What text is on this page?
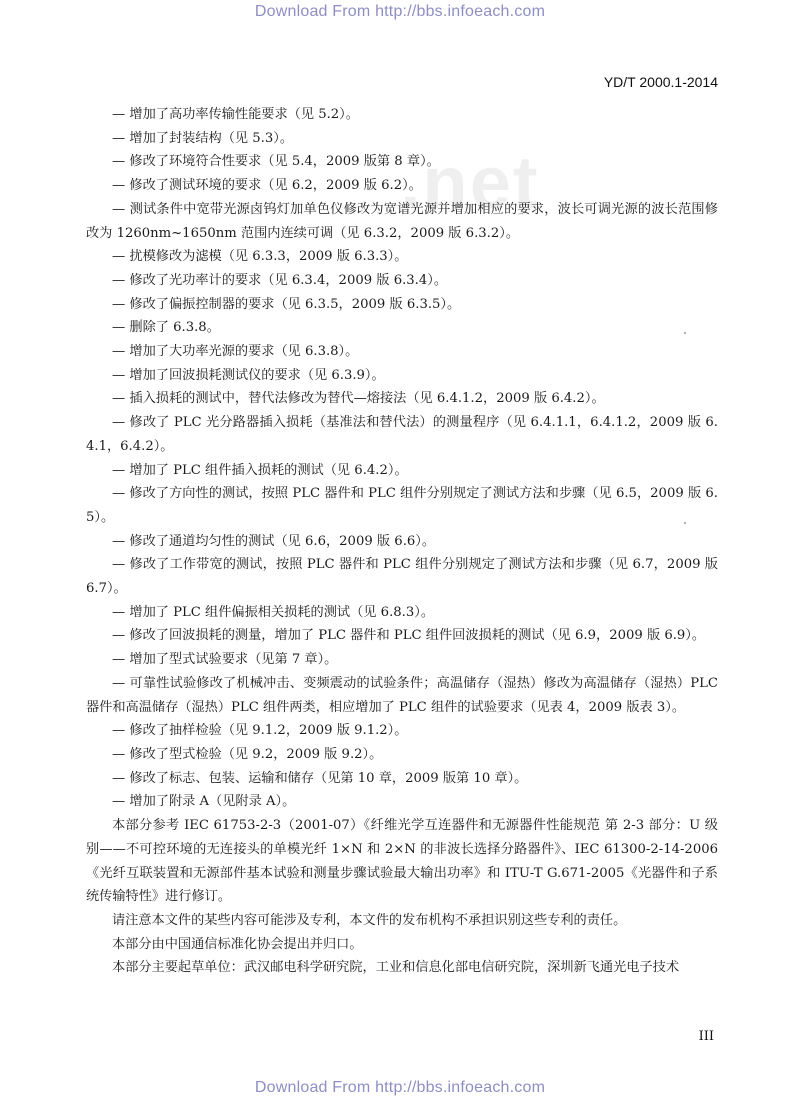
Download From http://bbs.infoeach.com
.net
YD/T 2000.1-2014

— 增加了高功率传输性能要求（见 5.2）。

— 增加了封装结构（见 5.3）。

— 修改了环境符合性要求（见 5.4，2009 版第 8 章）。

— 修改了测试环境的要求（见 6.2，2009 版 6.2）。

— 测试条件中宽带光源卤钨灯加单色仪修改为宽谱光源并增加相应的要求，波长可调光源的波长范围修改为 1260nm~1650nm 范围内连续可调（见 6.3.2，2009 版 6.3.2）。

— 扰模修改为滤模（见 6.3.3，2009 版 6.3.3）。

— 修改了光功率计的要求（见 6.3.4，2009 版 6.3.4）。

— 修改了偏振控制器的要求（见 6.3.5，2009 版 6.3.5）。

— 删除了 6.3.8。

— 增加了大功率光源的要求（见 6.3.8）。

— 增加了回波损耗测试仪的要求（见 6.3.9）。

— 插入损耗的测试中，替代法修改为替代—熔接法（见 6.4.1.2，2009 版 6.4.2）。

— 修改了 PLC 光分路器插入损耗（基准法和替代法）的测量程序（见 6.4.1.1，6.4.1.2，2009 版 6.4.1，6.4.2）。

— 增加了 PLC 组件插入损耗的测试（见 6.4.2）。

— 修改了方向性的测试，按照 PLC 器件和 PLC 组件分别规定了测试方法和步骤（见 6.5，2009 版 6.5）。

— 修改了通道均匀性的测试（见 6.6，2009 版 6.6）。

— 修改了工作带宽的测试，按照 PLC 器件和 PLC 组件分别规定了测试方法和步骤（见 6.7，2009 版 6.7）。

— 增加了 PLC 组件偏振相关损耗的测试（见 6.8.3）。

— 修改了回波损耗的测量，增加了 PLC 器件和 PLC 组件回波损耗的测试（见 6.9，2009 版 6.9）。

— 增加了型式试验要求（见第 7 章）。

— 可靠性试验修改了机械冲击、变频震动的试验条件；高温储存（湿热）修改为高温储存（湿热）PLC 器件和高温储存（湿热）PLC 组件两类，相应增加了 PLC 组件的试验要求（见表 4，2009 版表 3）。

— 修改了抽样检验（见 9.1.2，2009 版 9.1.2）。

— 修改了型式检验（见 9.2，2009 版 9.2）。

— 修改了标志、包装、运输和储存（见第 10 章，2009 版第 10 章）。

— 增加了附录 A（见附录 A）。

本部分参考 IEC 61753-2-3（2001-07）《纤维光学互连器件和无源器件性能规范 第 2-3 部分：U 级别——不可控环境的无连接头的单模光纤 1×N 和 2×N 的非波长选择分路器件》、IEC 61300-2-14-2006《光纤互联装置和无源部件基本试验和测量步骤试验最大输出功率》和 ITU-T G.671-2005《光器件和子系统传输特性》进行修订。

请注意本文件的某些内容可能涉及专利，本文件的发布机构不承担识别这些专利的责任。

本部分由中国通信标准化协会提出并归口。

本部分主要起草单位：武汉邮电科学研究院，工业和信息化部电信研究院，深圳新飞通光电子技术

III
Download From http://bbs.infoeach.com
